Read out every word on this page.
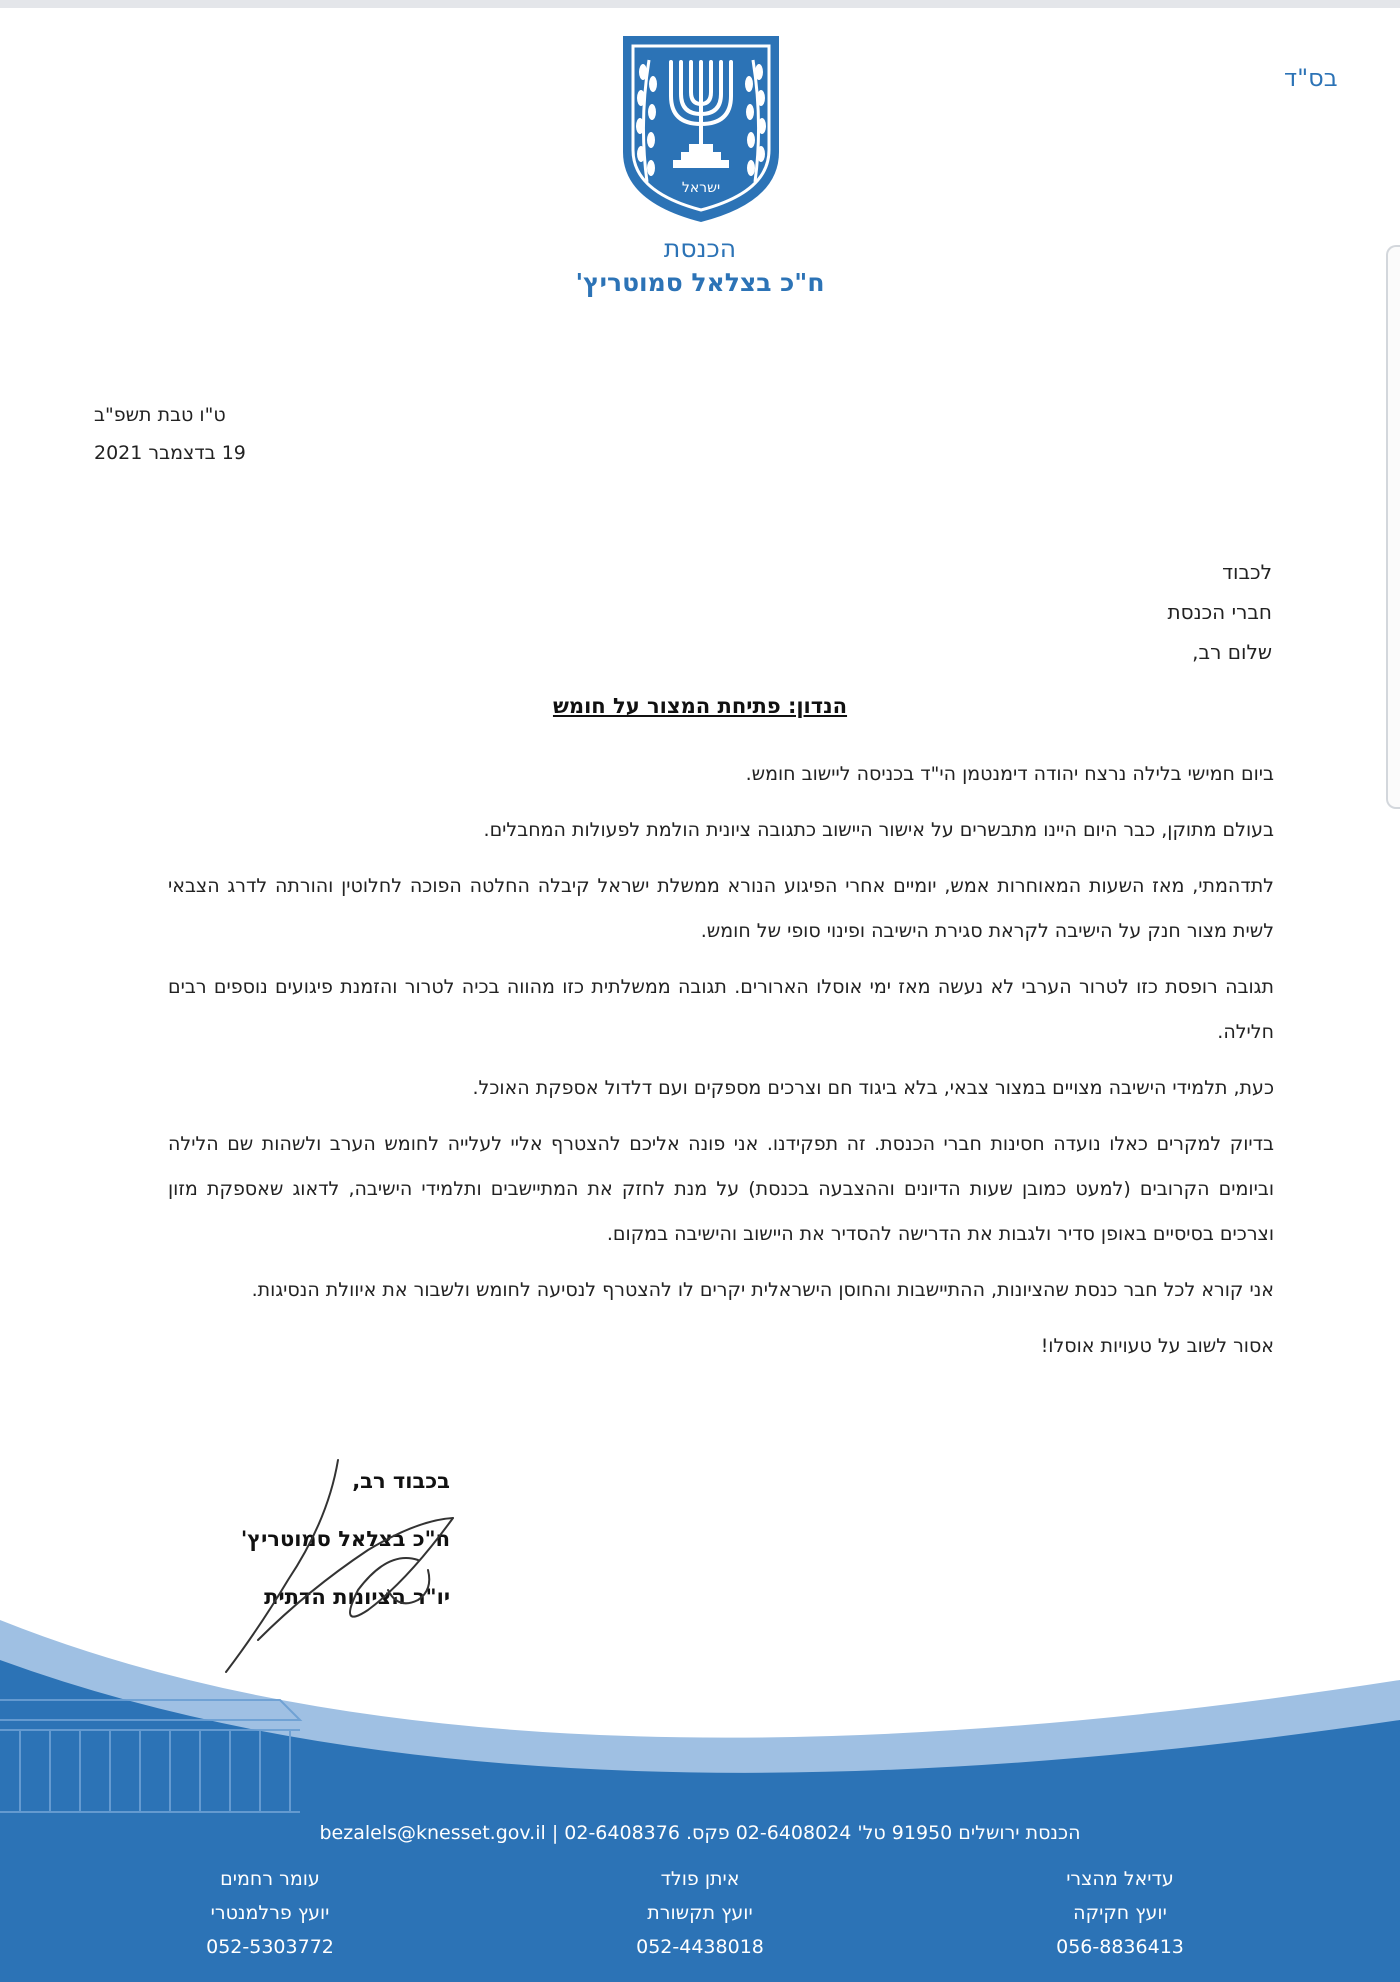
בס"ד
ישראל
הכנסת
ח"כ בצלאל סמוטריץ'
ט"ו טבת תשפ"ב
19 בדצמבר 2021
לכבוד
חברי הכנסת
שלום רב,
הנדון: פתיחת המצור על חומש

ביום חמישי בלילה נרצח יהודה דימנטמן הי"ד בכניסה ליישוב חומש.

בעולם מתוקן, כבר היום היינו מתבשרים על אישור היישוב כתגובה ציונית הולמת לפעולות המחבלים.

לתדהמתי, מאז השעות המאוחרות אמש, יומיים אחרי הפיגוע הנורא ממשלת ישראל קיבלה החלטה הפוכה לחלוטין והורתה לדרג הצבאי לשית מצור חנק על הישיבה לקראת סגירת הישיבה ופינוי סופי של חומש.

תגובה רופסת כזו לטרור הערבי לא נעשה מאז ימי אוסלו הארורים. תגובה ממשלתית כזו מהווה בכיה לטרור והזמנת פיגועים נוספים רבים חלילה.

כעת, תלמידי הישיבה מצויים במצור צבאי, בלא ביגוד חם וצרכים מספקים ועם דלדול אספקת האוכל.

בדיוק למקרים כאלו נועדה חסינות חברי הכנסת. זה תפקידנו. אני פונה אליכם להצטרף אליי לעלייה לחומש הערב ולשהות שם הלילה וביומים הקרובים (למעט כמובן שעות הדיונים וההצבעה בכנסת) על מנת לחזק את המתיישבים ותלמידי הישיבה, לדאוג שאספקת מזון וצרכים בסיסיים באופן סדיר ולגבות את הדרישה להסדיר את היישוב והישיבה במקום.

אני קורא לכל חבר כנסת שהציונות, ההתיישבות והחוסן הישראלית יקרים לו להצטרף לנסיעה לחומש ולשבור את איוולת הנסיגות.

אסור לשוב על טעויות אוסלו!

בכבוד רב,
ח"כ בצלאל סמוטריץ'
יו"ר הציונות הדתית
הכנסת ירושלים 91950 טל' 02-6408024 פקס. 02-6408376 | bezalels@knesset.gov.il
עדיאל מהצרי
יועץ חקיקה
056-8836413
איתן פולד
יועץ תקשורת
052-4438018
עומר רחמים
יועץ פרלמנטרי
052-5303772
